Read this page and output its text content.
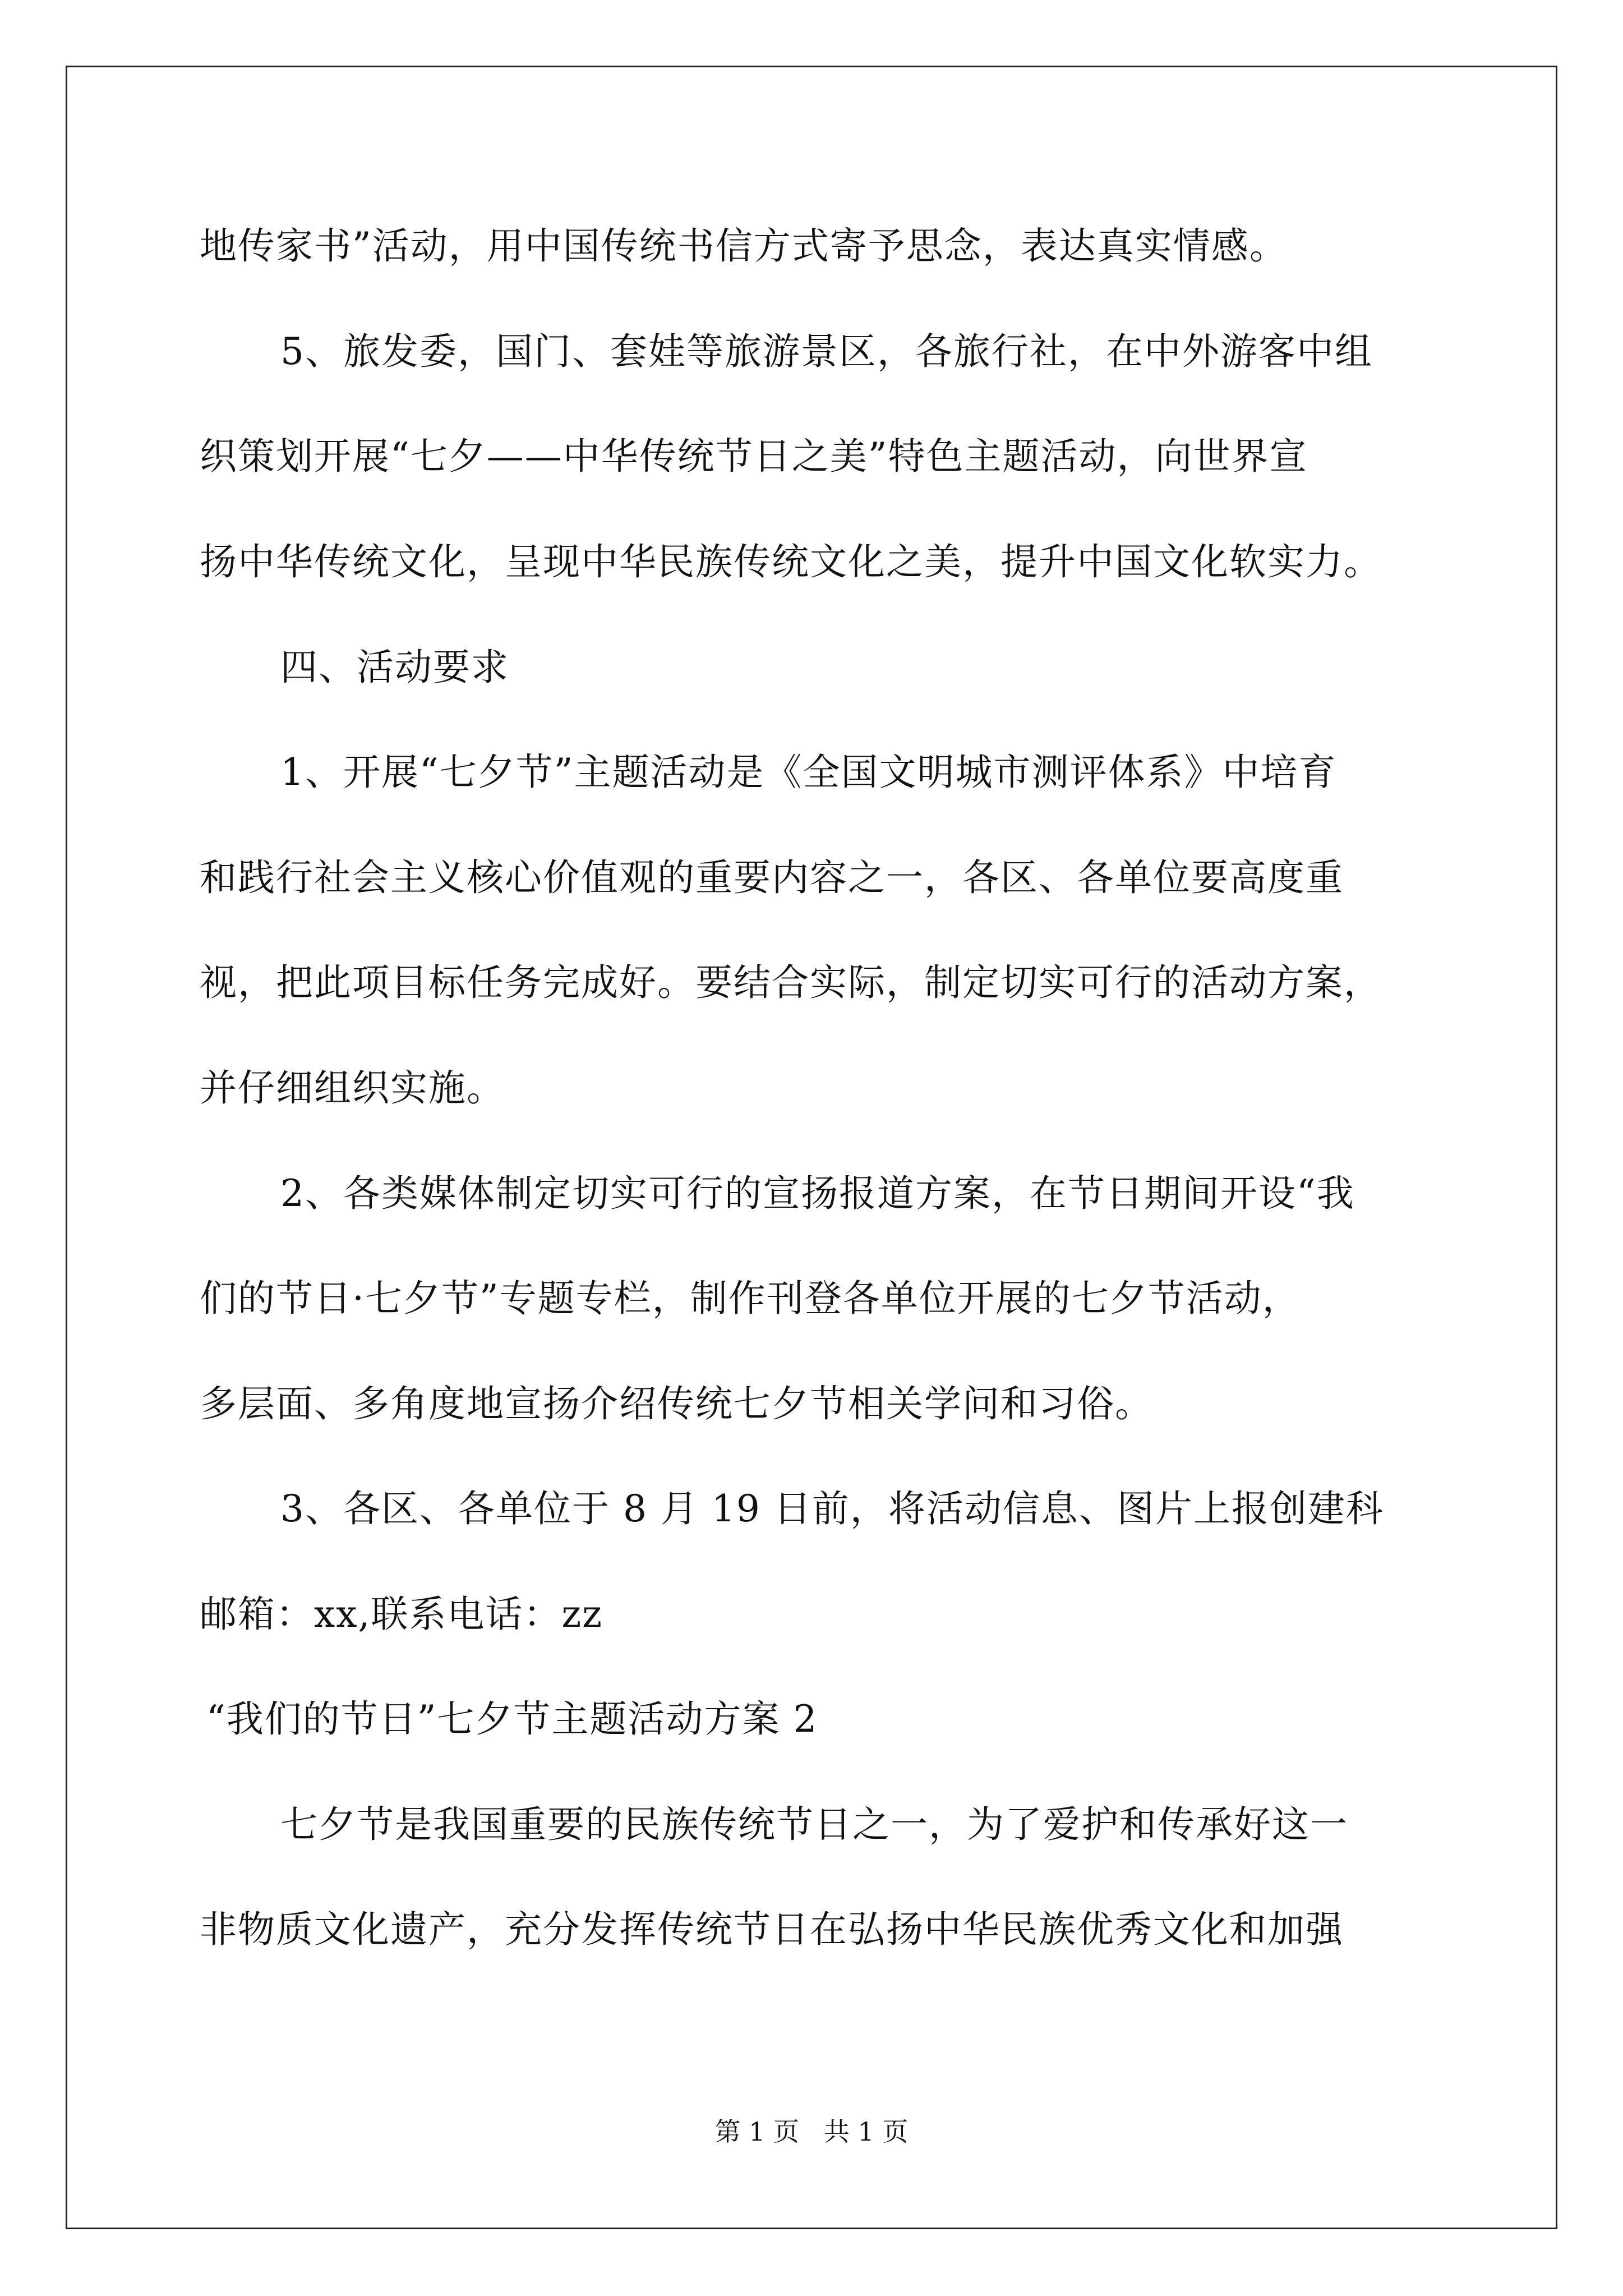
地传家书”活动，用中国传统书信方式寄予思念，表达真实情感。
5、旅发委，国门、套娃等旅游景区，各旅行社，在中外游客中组
织策划开展“七夕——中华传统节日之美”特色主题活动，向世界宣
扬中华传统文化，呈现中华民族传统文化之美，提升中国文化软实力。
四、活动要求
1、开展“七夕节”主题活动是《全国文明城市测评体系》中培育
和践行社会主义核心价值观的重要内容之一，各区、各单位要高度重
视，把此项目标任务完成好。要结合实际，制定切实可行的活动方案，
并仔细组织实施。
2、各类媒体制定切实可行的宣扬报道方案，在节日期间开设“我
们的节日·七夕节”专题专栏，制作刊登各单位开展的七夕节活动，
多层面、多角度地宣扬介绍传统七夕节相关学问和习俗。
3、各区、各单位于 8 月 19 日前，将活动信息、图片上报创建科
邮箱：xx,联系电话：zz
“我们的节日”七夕节主题活动方案 2
七夕节是我国重要的民族传统节日之一，为了爱护和传承好这一
非物质文化遗产，充分发挥传统节日在弘扬中华民族优秀文化和加强
第 1 页   共 1 页
